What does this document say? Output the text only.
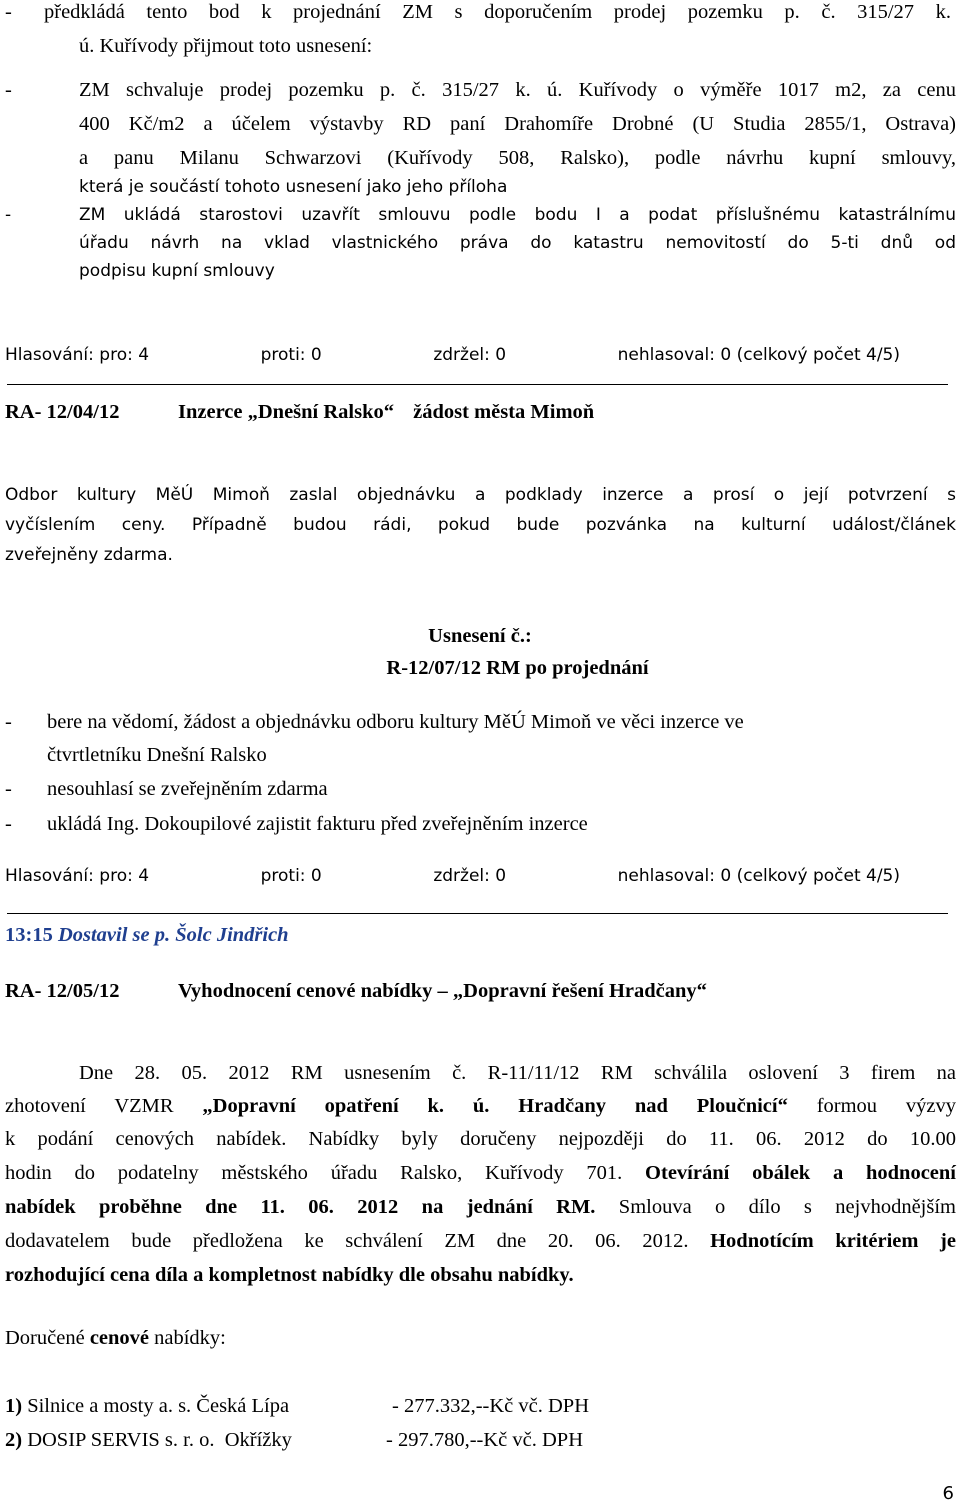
- předkládá tento bod k projednání ZM s doporučením prodej pozemku p. č. 315/27 k.
ú. Kuřívody přijmout toto usnesení:
-	ZM schvaluje prodej pozemku p. č. 315/27 k. ú. Kuřívody o výměře 1017 m2, za cenu
400 Kč/m2 a účelem výstavby RD paní Drahomíře Drobné (U Studia 2855/1, Ostrava)
a panu Milanu Schwarzovi (Kuřívody 508, Ralsko), podle návrhu kupní smlouvy,
která je součástí tohoto usnesení jako jeho příloha
-	ZM ukládá starostovi uzavřít smlouvu podle bodu I a podat příslušnému katastrálnímu
úřadu návrh na vklad vlastnického práva do katastru nemovitostí do 5-ti dnů od
podpisu kupní smlouvy
Hlasování: pro: 4	proti: 0	zdržel: 0	nehlasoval: 0 (celkový počet 4/5)
RA- 12/04/12	Inzerce „Dnešní Ralsko“ žádost města Mimoň
Odbor kultury MěÚ Mimoň zaslal objednávku a podklady inzerce a prosí o její potvrzení s
vyčíslením ceny. Případně budou rádi, pokud bude pozvánka na kulturní událost/článek
zveřejněny zdarma.
Usnesení č.:
R-12/07/12 RM po projednání
- bere na vědomí, žádost a objednávku odboru kultury MěÚ Mimoň ve věci inzerce ve
čtvrtletníku Dnešní Ralsko
- nesouhlasí se zveřejněním zdarma
- ukládá Ing. Dokoupilové zajistit fakturu před zveřejněním inzerce
Hlasování: pro: 4	proti: 0	zdržel: 0	nehlasoval: 0 (celkový počet 4/5)
13:15 Dostavil se p. Šolc Jindřich
RA- 12/05/12	Vyhodnocení cenové nabídky – „Dopravní řešení Hradčany“
Dne 28. 05. 2012 RM usnesením č. R-11/11/12 RM schválila oslovení 3 firem na
zhotovení VZMR „Dopravní opatření k. ú. Hradčany nad Ploučnicí“ formou výzvy
k podání cenových nabídek. Nabídky byly doručeny nejpozději do 11. 06. 2012 do 10.00
hodin do podatelny městského úřadu Ralsko, Kuřívody 701. Otevírání obálek a hodnocení
nabídek proběhne dne 11. 06. 2012 na jednání RM. Smlouva o dílo s nejvhodnějším
dodavatelem bude předložena ke schválení ZM dne 20. 06. 2012. Hodnotícím kritériem je
rozhodující cena díla a kompletnost nabídky dle obsahu nabídky.
Doručené cenové nabídky:
1) Silnice a mosty a. s. Česká Lípa	- 277.332,--Kč vč. DPH
2) DOSIP SERVIS s. r. o.  Okřížky	- 297.780,--Kč vč. DPH
6
